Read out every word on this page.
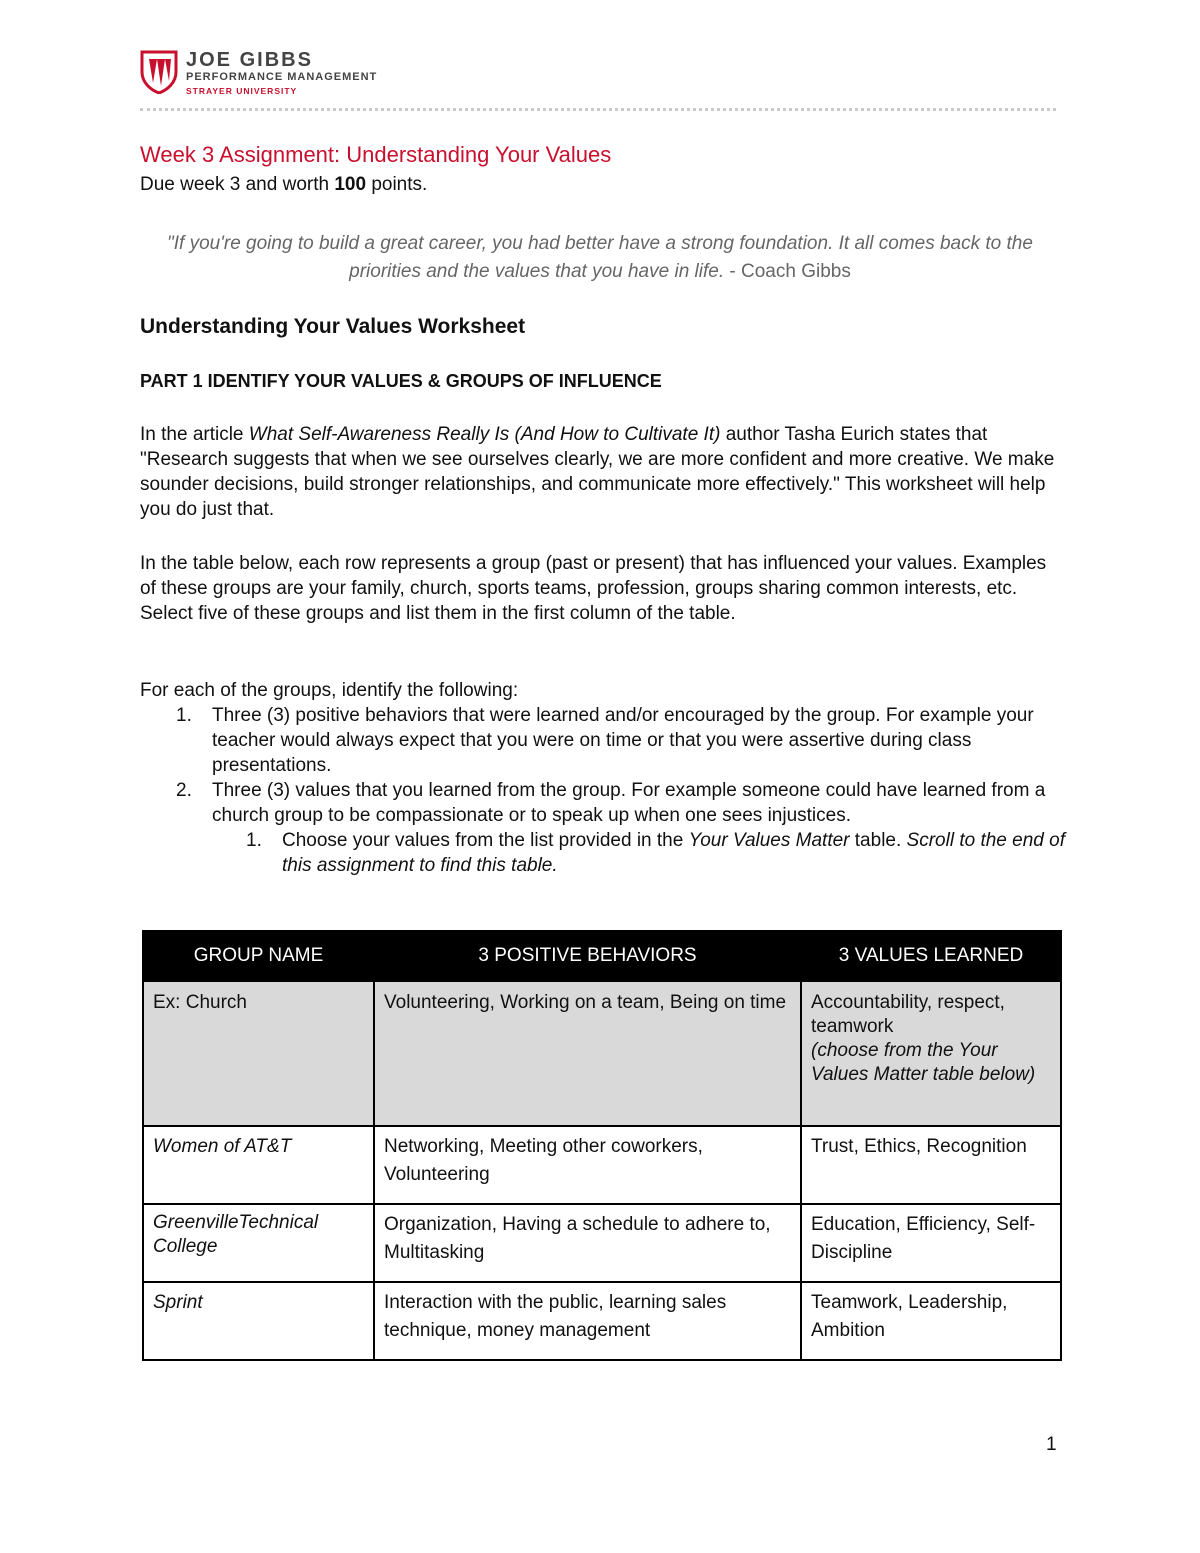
JOE GIBBS
PERFORMANCE MANAGEMENT
STRAYER UNIVERSITY
Week 3 Assignment: Understanding Your Values
Due week 3 and worth 100 points.
"If you're going to build a great career, you had better have a strong foundation. It all comes back to the priorities and the values that you have in life. - Coach Gibbs
Understanding Your Values Worksheet
PART 1 IDENTIFY YOUR VALUES & GROUPS OF INFLUENCE
In the article What Self-Awareness Really Is (And How to Cultivate It) author Tasha Eurich states that "Research suggests that when we see ourselves clearly, we are more confident and more creative. We make sounder decisions, build stronger relationships, and communicate more effectively." This worksheet will help you do just that.
In the table below, each row represents a group (past or present) that has influenced your values. Examples of these groups are your family, church, sports teams, profession, groups sharing common interests, etc. Select five of these groups and list them in the first column of the table.
For each of the groups, identify the following:
1. Three (3) positive behaviors that were learned and/or encouraged by the group. For example your teacher would always expect that you were on time or that you were assertive during class presentations.
2. Three (3) values that you learned from the group. For example someone could have learned from a church group to be compassionate or to speak up when one sees injustices.
1. Choose your values from the list provided in the Your Values Matter table. Scroll to the end of this assignment to find this table.
GROUP NAME	3 POSITIVE BEHAVIORS	3 VALUES LEARNED
Ex: Church	Volunteering, Working on a team, Being on time	Accountability, respect, teamwork
(choose from the Your Values Matter table below)
Women of AT&T	Networking, Meeting other coworkers, Volunteering	Trust, Ethics, Recognition
GreenvilleTechnical College	Organization, Having a schedule to adhere to, Multitasking	Education, Efficiency, Self-Discipline
Sprint	Interaction with the public, learning sales technique, money management	Teamwork, Leadership, Ambition
1
